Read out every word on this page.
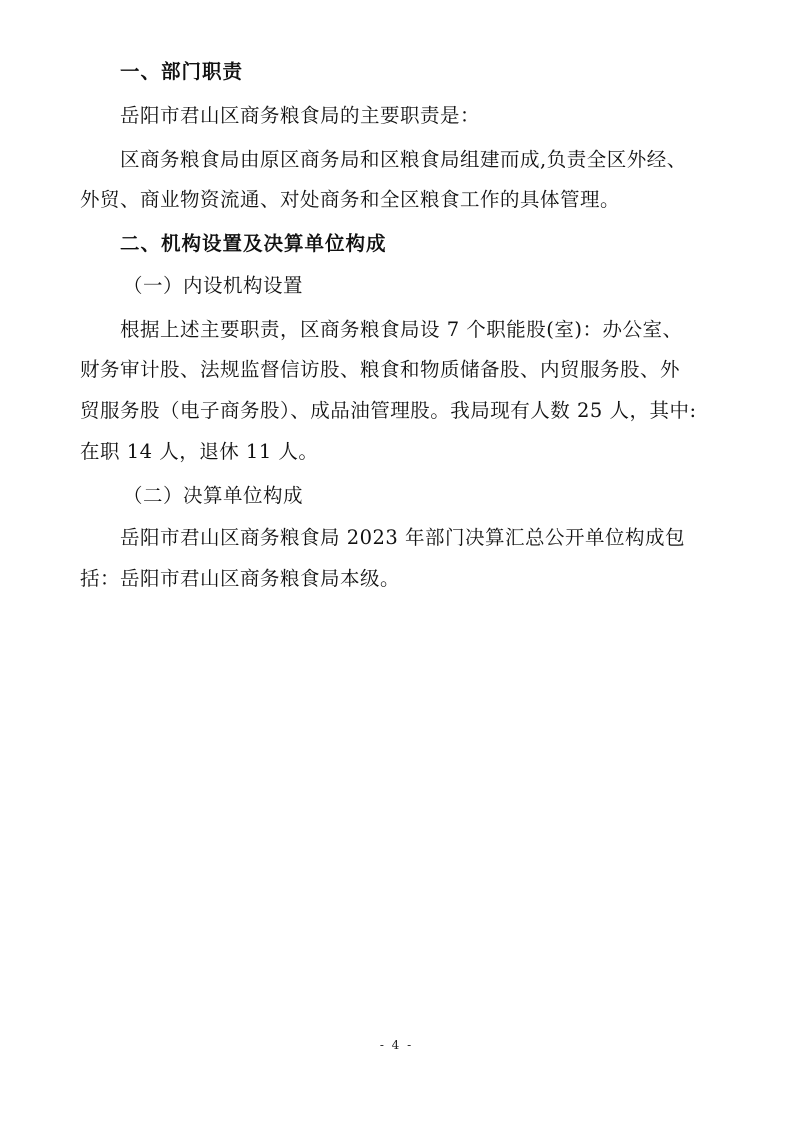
一、部门职责
岳阳市君山区商务粮食局的主要职责是：
区商务粮食局由原区商务局和区粮食局组建而成,负责全区外经、
外贸、商业物资流通、对处商务和全区粮食工作的具体管理。
二、机构设置及决算单位构成
（一）内设机构设置
根据上述主要职责，区商务粮食局设 7 个职能股(室)：办公室、
财务审计股、法规监督信访股、粮食和物质储备股、内贸服务股、外
贸服务股（电子商务股）、成品油管理股。我局现有人数 25 人，其中:
在职 14 人，退休 11 人。
（二）决算单位构成
岳阳市君山区商务粮食局 2023 年部门决算汇总公开单位构成包
括：岳阳市君山区商务粮食局本级。
- 4 -
